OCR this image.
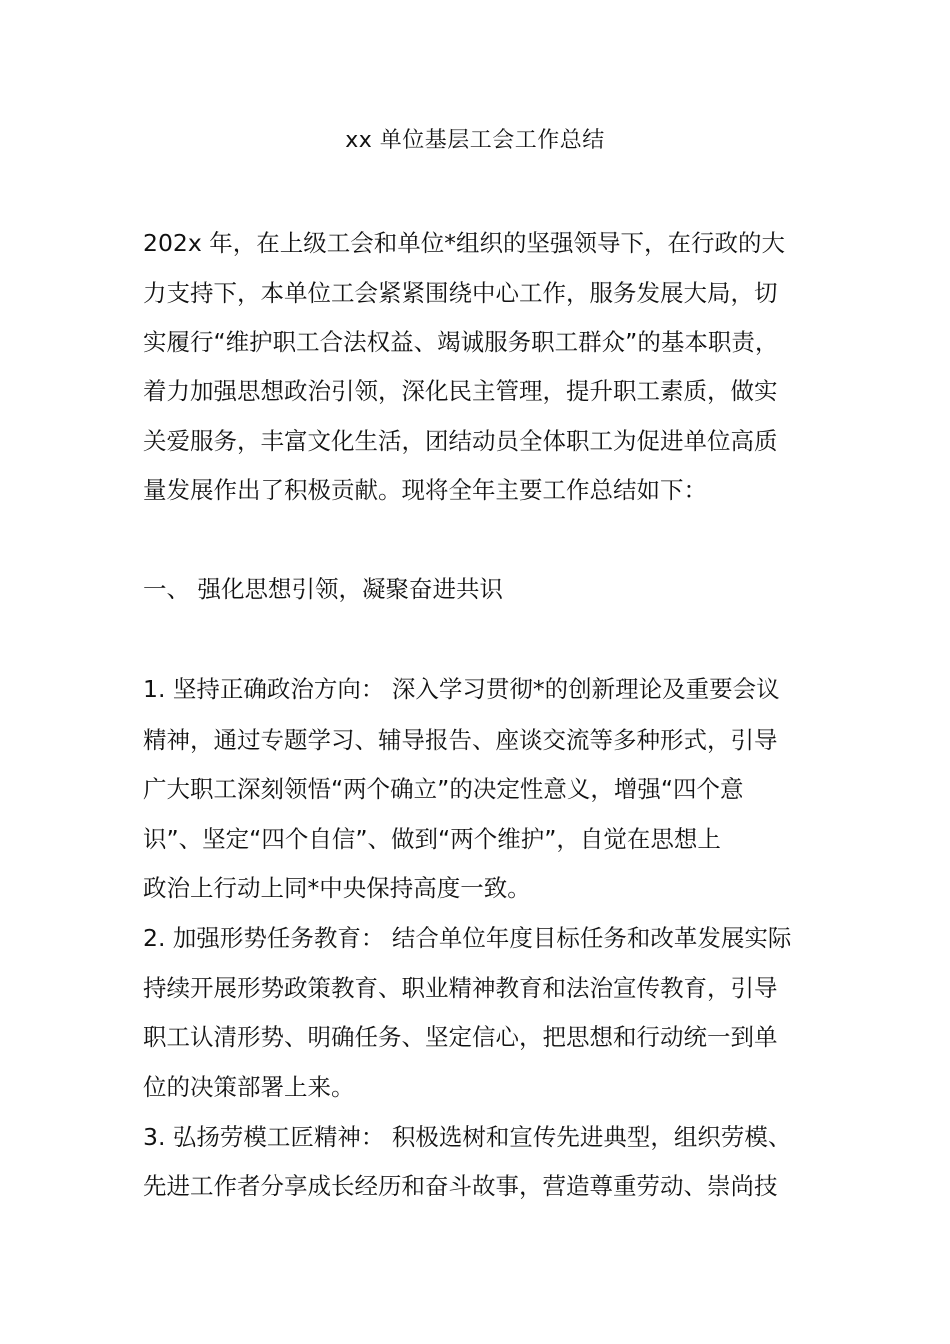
xx 单位基层工会工作总结
202x 年，在上级工会和单位*组织的坚强领导下，在行政的大
力支持下，本单位工会紧紧围绕中心工作，服务发展大局，切
实履行“维护职工合法权益、竭诚服务职工群众”的基本职责，
着力加强思想政治引领，深化民主管理，提升职工素质，做实
关爱服务，丰富文化生活，团结动员全体职工为促进单位高质
量发展作出了积极贡献。现将全年主要工作总结如下：
一、 强化思想引领，凝聚奋进共识
1. 坚持正确政治方向： 深入学习贯彻*的创新理论及重要会议
精神，通过专题学习、辅导报告、座谈交流等多种形式，引导
广大职工深刻领悟“两个确立”的决定性意义，增强“四个意
识”、坚定“四个自信”、做到“两个维护”，自觉在思想上
政治上行动上同*中央保持高度一致。
2. 加强形势任务教育： 结合单位年度目标任务和改革发展实际
持续开展形势政策教育、职业精神教育和法治宣传教育，引导
职工认清形势、明确任务、坚定信心，把思想和行动统一到单
位的决策部署上来。
3. 弘扬劳模工匠精神： 积极选树和宣传先进典型，组织劳模、
先进工作者分享成长经历和奋斗故事，营造尊重劳动、崇尚技
